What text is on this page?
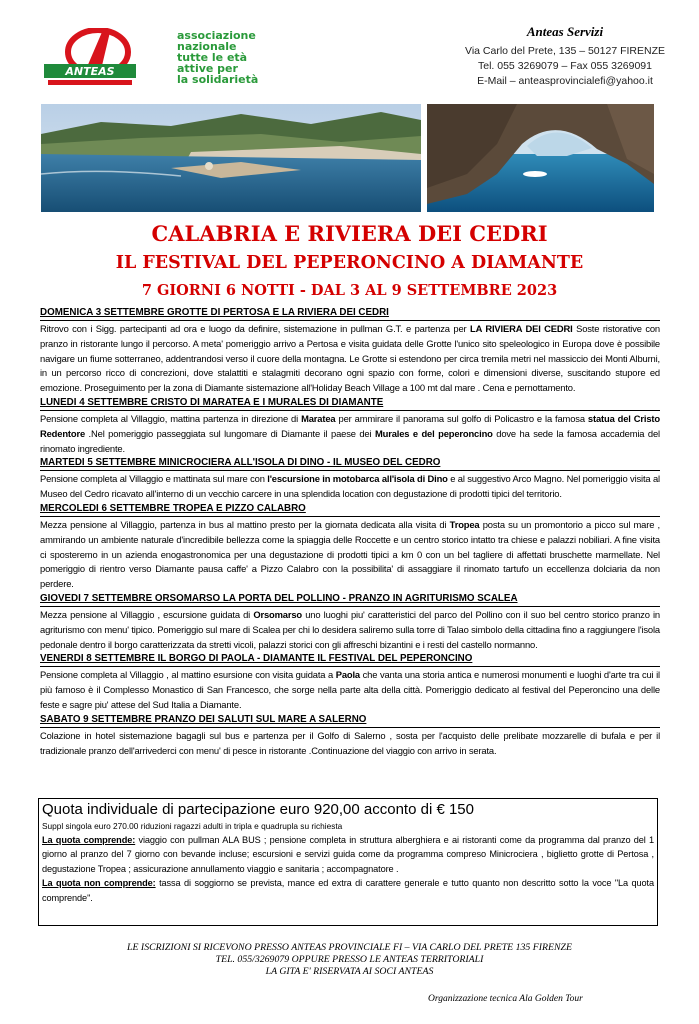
ANTEAS
associazione
nazionale
tutte le età
attive per
la solidarietà
Anteas Servizi
Via Carlo del Prete, 135 – 50127 FIRENZE
Tel. 055 3269079 – Fax 055 3269091
E-Mail – anteasprovincialefi@yahoo.it
CALABRIA E RIVIERA DEI CEDRI
IL FESTIVAL DEL PEPERONCINO A DIAMANTE
7 GIORNI 6 NOTTI - DAL 3 AL 9 SETTEMBRE 2023
DOMENICA 3 SETTEMBRE GROTTE DI PERTOSA E LA RIVIERA DEI CEDRI
Ritrovo con i Sigg. partecipanti ad ora e luogo da definire, sistemazione in pullman G.T. e partenza per LA RIVIERA DEI CEDRI Soste ristorative con pranzo in ristorante lungo il percorso. A meta' pomeriggio arrivo a Pertosa e visita guidata delle Grotte l'unico sito speleologico in Europa dove è possibile navigare un fiume sotterraneo, addentrandosi verso il cuore della montagna. Le Grotte si estendono per circa tremila metri nel massiccio dei Monti Alburni, in un percorso ricco di concrezioni, dove stalattiti e stalagmiti decorano ogni spazio con forme, colori e dimensioni diverse, suscitando stupore ed emozione. Proseguimento per la zona di Diamante sistemazione all'Holiday Beach Village a 100 mt dal mare . Cena e pernottamento.
LUNEDI 4 SETTEMBRE CRISTO DI MARATEA E I MURALES DI DIAMANTE
Pensione completa al Villaggio, mattina partenza in direzione di Maratea per ammirare il panorama sul golfo di Policastro e la famosa statua del Cristo Redentore .Nel pomeriggio passeggiata sul lungomare di Diamante il paese dei Murales e del peperoncino dove ha sede la famosa accademia del rinomato ingrediente.
MARTEDI 5 SETTEMBRE MINICROCIERA ALL'ISOLA DI DINO - IL MUSEO DEL CEDRO
Pensione completa al Villaggio e mattinata sul mare con l'escursione in motobarca all'isola di Dino e al suggestivo Arco Magno. Nel pomeriggio visita al Museo del Cedro ricavato all'interno di un vecchio carcere in una splendida location con degustazione di prodotti tipici del territorio.
MERCOLEDI 6 SETTEMBRE TROPEA E PIZZO CALABRO
Mezza pensione al Villaggio, partenza in bus al mattino presto per la giornata dedicata alla visita di Tropea posta su un promontorio a picco sul mare , ammirando un ambiente naturale d'incredibile bellezza come la spiaggia delle Roccette e un centro storico intatto tra chiese e palazzi nobiliari. A fine visita ci sposteremo in un azienda enogastronomica per una degustazione di prodotti tipici a km 0 con un bel tagliere di affettati bruschette marmellate. Nel pomeriggio di rientro verso Diamante pausa caffe' a Pizzo Calabro con la possibilita' di assaggiare il rinomato tartufo un eccellenza dolciaria da non perdere.
GIOVEDI 7 SETTEMBRE ORSOMARSO LA PORTA DEL POLLINO - PRANZO IN AGRITURISMO SCALEA
Mezza pensione al Villaggio , escursione guidata di Orsomarso uno luoghi piu' caratteristici del parco del Pollino con il suo bel centro storico pranzo in agriturismo con menu' tipico. Pomeriggio sul mare di Scalea per chi lo desidera saliremo sulla torre di Talao simbolo della cittadina fino a raggiungere l'isola pedonale dentro il borgo caratterizzata da stretti vicoli, palazzi storici con gli affreschi bizantini e i resti del castello normanno.
VENERDI 8 SETTEMBRE IL BORGO DI PAOLA - DIAMANTE IL FESTIVAL DEL PEPERONCINO
Pensione completa al Villaggio , al mattino esursione con visita guidata a Paola che vanta una storia antica e numerosi monumenti e luoghi d'arte tra cui il più famoso è il Complesso Monastico di San Francesco, che sorge nella parte alta della città. Pomeriggio dedicato al festival del Peperoncino una delle feste e sagre piu' attese del Sud Italia a Diamante.
SABATO 9 SETTEMBRE PRANZO DEI SALUTI SUL MARE A SALERNO
Colazione in hotel sistemazione bagagli sul bus e partenza per il Golfo di Salerno , sosta per l'acquisto delle prelibate mozzarelle di bufala e per il tradizionale pranzo dell'arrivederci con menu' di pesce in ristorante .Continuazione del viaggio con arrivo in serata.
Quota individuale di partecipazione euro 920,00 acconto di € 150
Suppl singola euro 270.00 riduzioni ragazzi adulti in tripla e quadrupla su richiesta
La quota comprende: viaggio con pullman ALA BUS ; pensione completa in struttura alberghiera e ai ristoranti come da programma dal pranzo del 1 giorno al pranzo del 7 giorno con bevande incluse; escursioni e servizi guida come da programma compreso Minicrociera , biglietto grotte di Pertosa , degustazione Tropea ; assicurazione annullamento viaggio e sanitaria ; accompagnatore .
La quota non comprende: tassa di soggiorno se prevista, mance ed extra di carattere generale e tutto quanto non descritto sotto la voce "La quota comprende".
LE ISCRIZIONI SI RICEVONO PRESSO ANTEAS PROVINCIALE FI – VIA CARLO DEL PRETE 135 FIRENZE
TEL. 055/3269079 OPPURE PRESSO LE ANTEAS TERRITORIALI
LA GITA E' RISERVATA AI SOCI ANTEAS
Organizzazione tecnica Ala Golden Tour
